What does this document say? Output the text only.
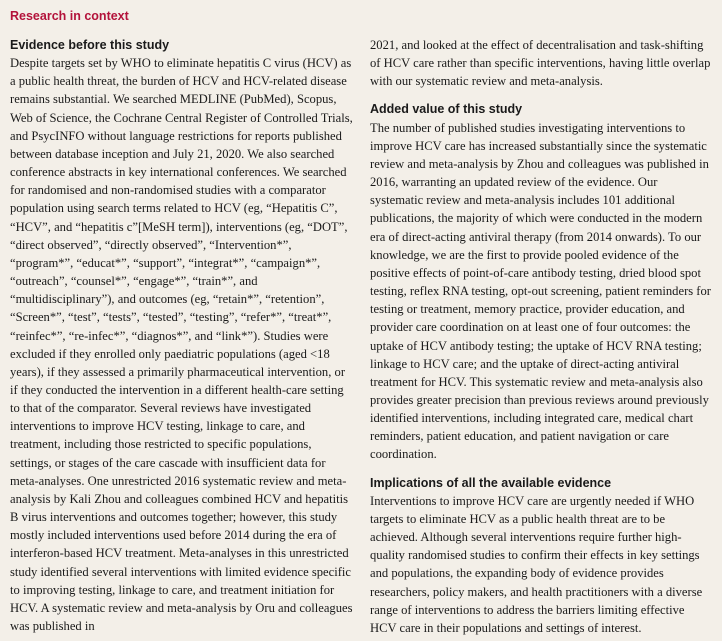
Research in context
Evidence before this study

Despite targets set by WHO to eliminate hepatitis C virus (HCV) as a public health threat, the burden of HCV and HCV-related disease remains substantial. We searched MEDLINE (PubMed), Scopus, Web of Science, the Cochrane Central Register of Controlled Trials, and PsycINFO without language restrictions for reports published between database inception and July 21, 2020. We also searched conference abstracts in key international conferences. We searched for randomised and non-randomised studies with a comparator population using search terms related to HCV (eg, “Hepatitis C”, “HCV”, and “hepatitis c”[MeSH term]), interventions (eg, “DOT”, “direct observed”, “directly observed”, “Intervention*”, “program*”, “educat*”, “support”, “integrat*”, “campaign*”, “outreach”, “counsel*”, “engage*”, “train*”, and “multidisciplinary”), and outcomes (eg, “retain*”, “retention”, “Screen*”, “test”, “tests”, “tested”, “testing”, “refer*”, “treat*”, “reinfec*”, “re-infec*”, “diagnos*”, and “link*”). Studies were excluded if they enrolled only paediatric populations (aged <18 years), if they assessed a primarily pharmaceutical intervention, or if they conducted the intervention in a different health-care setting to that of the comparator. Several reviews have investigated interventions to improve HCV testing, linkage to care, and treatment, including those restricted to specific populations, settings, or stages of the care cascade with insufficient data for meta-analyses. One unrestricted 2016 systematic review and meta-analysis by Kali Zhou and colleagues combined HCV and hepatitis B virus interventions and outcomes together; however, this study mostly included interventions used before 2014 during the era of interferon-based HCV treatment. Meta-analyses in this unrestricted study identified several interventions with limited evidence specific to improving testing, linkage to care, and treatment initiation for HCV. A systematic review and meta-analysis by Oru and colleagues was published in

2021, and looked at the effect of decentralisation and task-shifting of HCV care rather than specific interventions, having little overlap with our systematic review and meta-analysis.

Added value of this study

The number of published studies investigating interventions to improve HCV care has increased substantially since the systematic review and meta-analysis by Zhou and colleagues was published in 2016, warranting an updated review of the evidence. Our systematic review and meta-analysis includes 101 additional publications, the majority of which were conducted in the modern era of direct-acting antiviral therapy (from 2014 onwards). To our knowledge, we are the first to provide pooled evidence of the positive effects of point-of-care antibody testing, dried blood spot testing, reflex RNA testing, opt-out screening, patient reminders for testing or treatment, memory practice, provider education, and provider care coordination on at least one of four outcomes: the uptake of HCV antibody testing; the uptake of HCV RNA testing; linkage to HCV care; and the uptake of direct-acting antiviral treatment for HCV. This systematic review and meta-analysis also provides greater precision than previous reviews around previously identified interventions, including integrated care, medical chart reminders, patient education, and patient navigation or care coordination.

Implications of all the available evidence

Interventions to improve HCV care are urgently needed if WHO targets to eliminate HCV as a public health threat are to be achieved. Although several interventions require further high-quality randomised studies to confirm their effects in key settings and populations, the expanding body of evidence provides researchers, policy makers, and health practitioners with a diverse range of interventions to address the barriers limiting effective HCV care in their populations and settings of interest.
